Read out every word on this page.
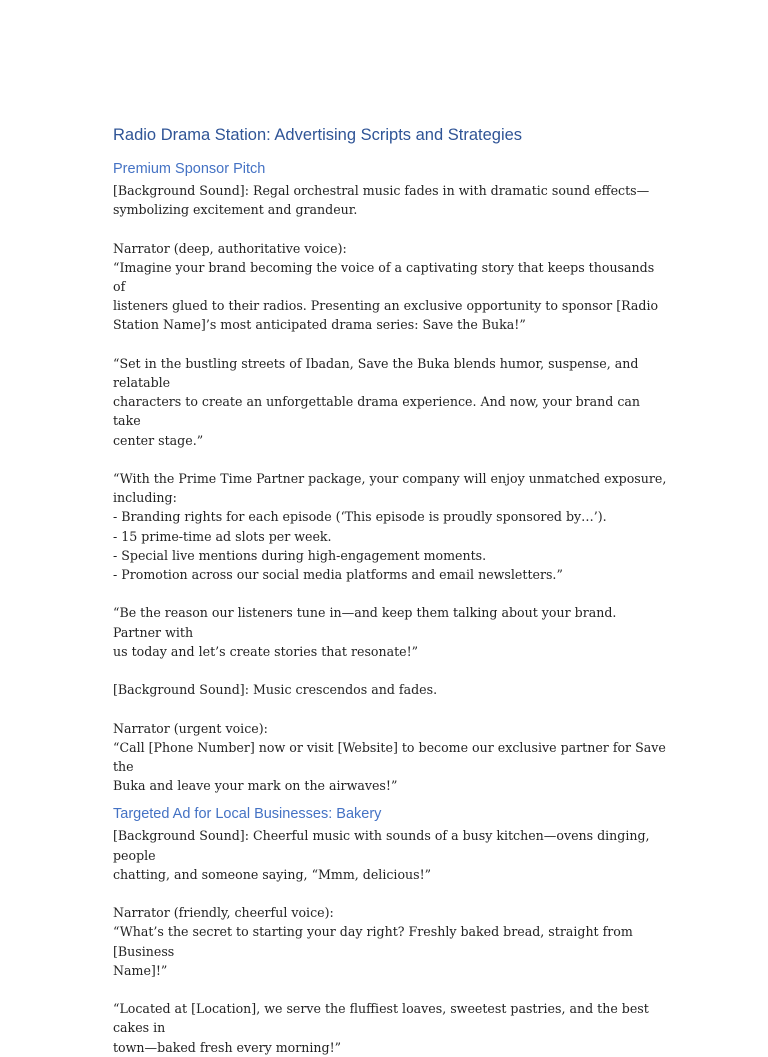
Radio Drama Station: Advertising Scripts and Strategies
Premium Sponsor Pitch

[Background Sound]: Regal orchestral music fades in with dramatic sound effects—
symbolizing excitement and grandeur.

Narrator (deep, authoritative voice):
“Imagine your brand becoming the voice of a captivating story that keeps thousands of
listeners glued to their radios. Presenting an exclusive opportunity to sponsor [Radio
Station Name]’s most anticipated drama series: Save the Buka!”

“Set in the bustling streets of Ibadan, Save the Buka blends humor, suspense, and relatable
characters to create an unforgettable drama experience. And now, your brand can take
center stage.”

“With the Prime Time Partner package, your company will enjoy unmatched exposure,
including:
- Branding rights for each episode (‘This episode is proudly sponsored by…’).
- 15 prime-time ad slots per week.
- Special live mentions during high-engagement moments.
- Promotion across our social media platforms and email newsletters.”

“Be the reason our listeners tune in—and keep them talking about your brand. Partner with
us today and let’s create stories that resonate!”

[Background Sound]: Music crescendos and fades.

Narrator (urgent voice):
“Call [Phone Number] now or visit [Website] to become our exclusive partner for Save the
Buka and leave your mark on the airwaves!”

Targeted Ad for Local Businesses: Bakery

[Background Sound]: Cheerful music with sounds of a busy kitchen—ovens dinging, people
chatting, and someone saying, “Mmm, delicious!”

Narrator (friendly, cheerful voice):
“What’s the secret to starting your day right? Freshly baked bread, straight from [Business
Name]!”

“Located at [Location], we serve the fluffiest loaves, sweetest pastries, and the best cakes in
town—baked fresh every morning!”
